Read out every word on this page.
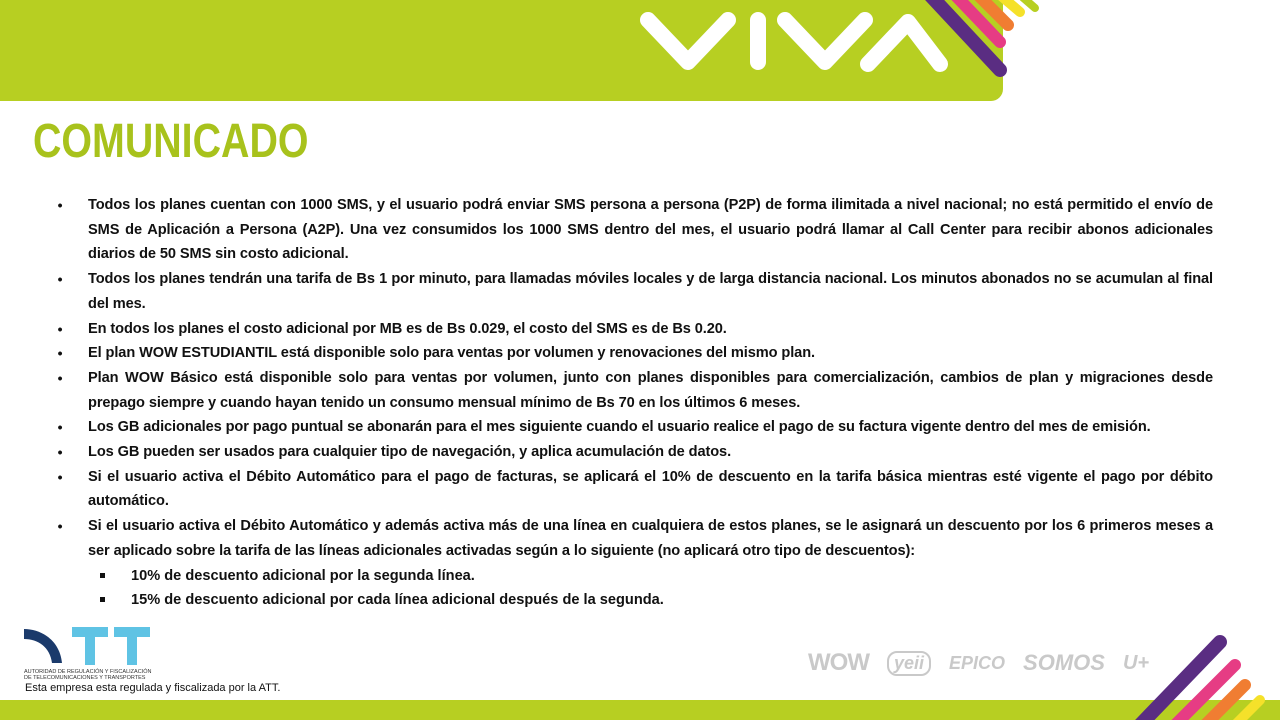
COMUNICADO
• Todos los planes cuentan con 1000 SMS, y el usuario podrá enviar SMS persona a persona (P2P) de forma ilimitada a nivel nacional; no está permitido el envío de SMS de Aplicación a Persona (A2P). Una vez consumidos los 1000 SMS dentro del mes, el usuario podrá llamar al Call Center para recibir abonos adicionales diarios de 50 SMS sin costo adicional.
• Todos los planes tendrán una tarifa de Bs 1 por minuto, para llamadas móviles locales y de larga distancia nacional. Los minutos abonados no se acumulan al final del mes.
• En todos los planes el costo adicional por MB es de Bs 0.029, el costo del SMS es de Bs 0.20.
• El plan WOW ESTUDIANTIL está disponible solo para ventas por volumen y renovaciones del mismo plan.
• Plan WOW Básico está disponible solo para ventas por volumen, junto con planes disponibles para comercialización, cambios de plan y migraciones desde prepago siempre y cuando hayan tenido un consumo mensual mínimo de Bs 70 en los últimos 6 meses.
• Los GB adicionales por pago puntual se abonarán para el mes siguiente cuando el usuario realice el pago de su factura vigente dentro del mes de emisión.
• Los GB pueden ser usados para cualquier tipo de navegación, y aplica acumulación de datos.
• Si el usuario activa el Débito Automático para el pago de facturas, se aplicará el 10% de descuento en la tarifa básica mientras esté vigente el pago por débito automático.
• Si el usuario activa el Débito Automático y además activa más de una línea en cualquiera de estos planes, se le asignará un descuento por los 6 primeros meses a ser aplicado sobre la tarifa de las líneas adicionales activadas según a lo siguiente (no aplicará otro tipo de descuentos):
10% de descuento adicional por la segunda línea.
15% de descuento adicional por cada línea adicional después de la segunda.
AUTORIDAD DE REGULACIÓN Y FISCALIZACIÓN
DE TELECOMUNICACIONES Y TRANSPORTES
Esta empresa esta regulada y fiscalizada por la ATT.
WOW	yeii	EPICO SOMOS U+
